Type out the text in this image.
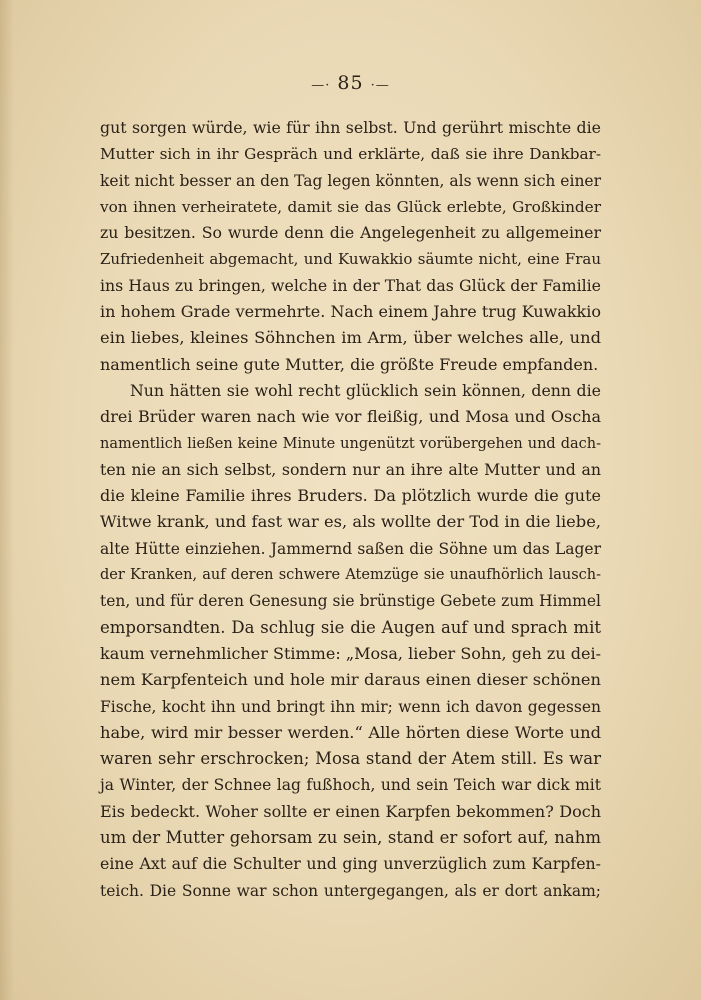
—· 85 ·—
gut sorgen würde, wie für ihn selbst. Und gerührt mischte die
Mutter sich in ihr Gespräch und erklärte, daß sie ihre Dankbar-
keit nicht besser an den Tag legen könnten, als wenn sich einer
von ihnen verheiratete, damit sie das Glück erlebte, Großkinder
zu besitzen. So wurde denn die Angelegenheit zu allgemeiner
Zufriedenheit abgemacht, und Kuwakkio säumte nicht, eine Frau
ins Haus zu bringen, welche in der That das Glück der Familie
in hohem Grade vermehrte. Nach einem Jahre trug Kuwakkio
ein liebes, kleines Söhnchen im Arm, über welches alle, und
namentlich seine gute Mutter, die größte Freude empfanden.
Nun hätten sie wohl recht glücklich sein können, denn die
drei Brüder waren nach wie vor fleißig, und Mosa und Oscha
namentlich ließen keine Minute ungenützt vorübergehen und dach-
ten nie an sich selbst, sondern nur an ihre alte Mutter und an
die kleine Familie ihres Bruders. Da plötzlich wurde die gute
Witwe krank, und fast war es, als wollte der Tod in die liebe,
alte Hütte einziehen. Jammernd saßen die Söhne um das Lager
der Kranken, auf deren schwere Atemzüge sie unaufhörlich lausch-
ten, und für deren Genesung sie brünstige Gebete zum Himmel
emporsandten. Da schlug sie die Augen auf und sprach mit
kaum vernehmlicher Stimme: „Mosa, lieber Sohn, geh zu dei-
nem Karpfenteich und hole mir daraus einen dieser schönen
Fische, kocht ihn und bringt ihn mir; wenn ich davon gegessen
habe, wird mir besser werden.“ Alle hörten diese Worte und
waren sehr erschrocken; Mosa stand der Atem still. Es war
ja Winter, der Schnee lag fußhoch, und sein Teich war dick mit
Eis bedeckt. Woher sollte er einen Karpfen bekommen? Doch
um der Mutter gehorsam zu sein, stand er sofort auf, nahm
eine Axt auf die Schulter und ging unverzüglich zum Karpfen-
teich. Die Sonne war schon untergegangen, als er dort ankam;
